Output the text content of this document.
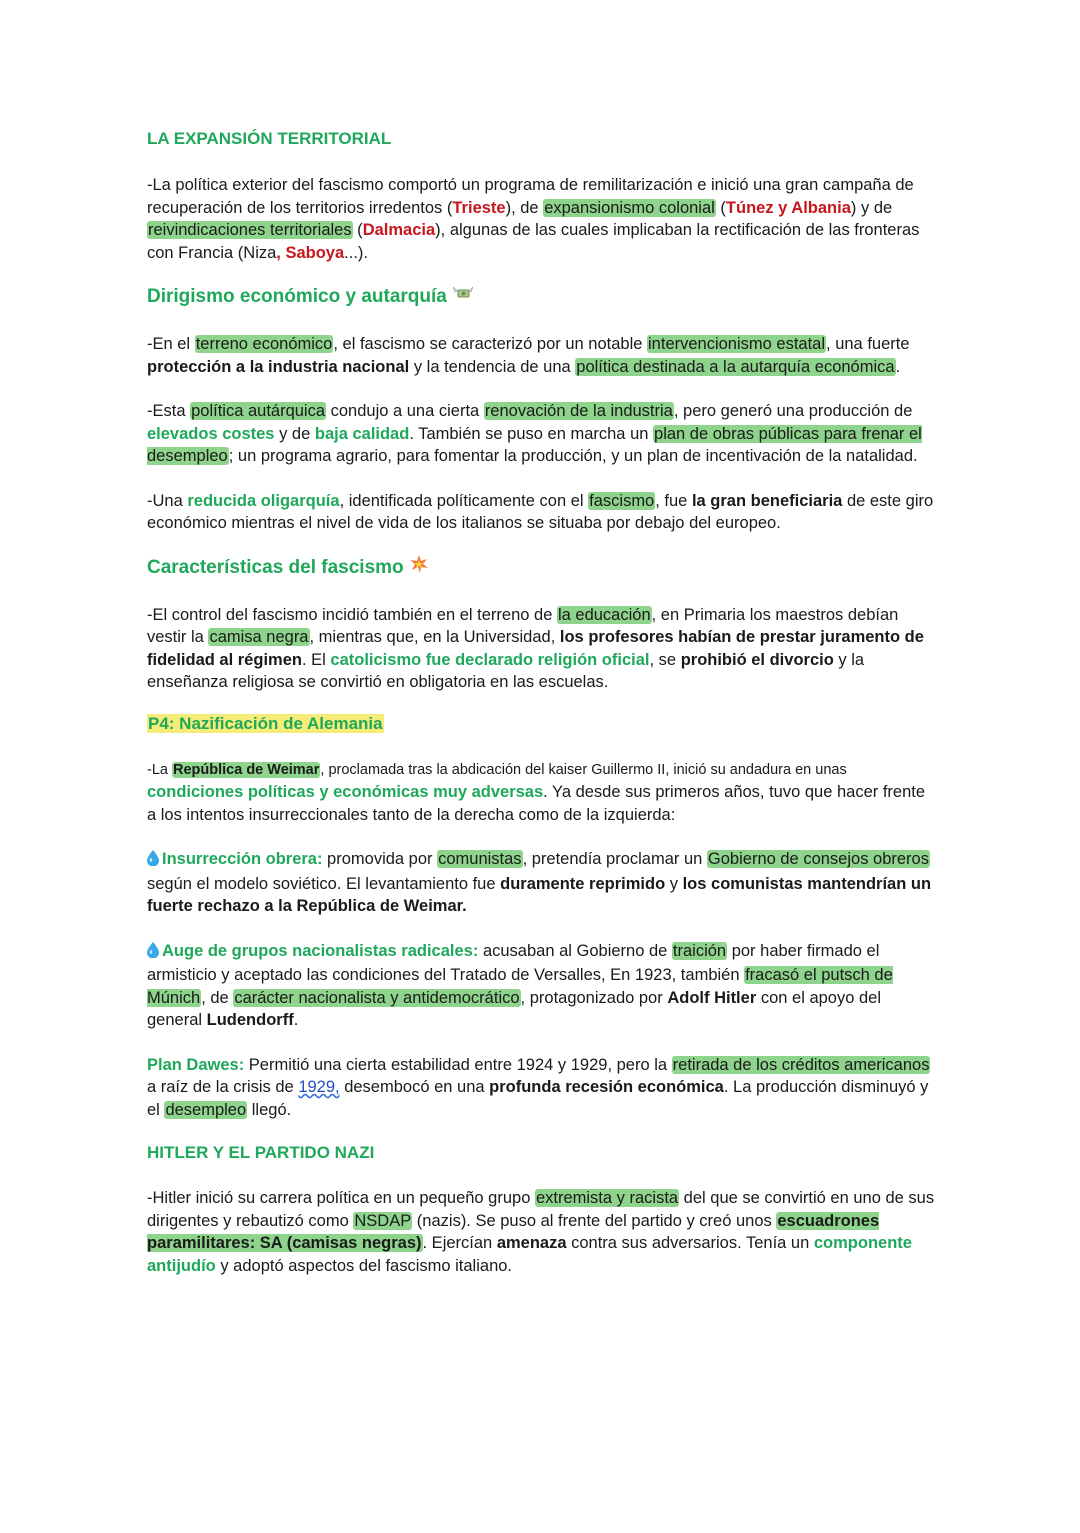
LA EXPANSIÓN TERRITORIAL

-La política exterior del fascismo comportó un programa de remilitarización e inició una gran campaña de recuperación de los territorios irredentos (Trieste), de expansionismo colonial (Túnez y Albania) y de reivindicaciones territoriales (Dalmacia), algunas de las cuales implicaban la rectificación de las fronteras con Francia (Niza, Saboya...).

Dirigismo económico y autarquía

-En el terreno económico, el fascismo se caracterizó por un notable intervencionismo estatal, una fuerte protección a la industria nacional y la tendencia de una política destinada a la autarquía económica.

-Esta política autárquica condujo a una cierta renovación de la industria, pero generó una producción de elevados costes y de baja calidad. También se puso en marcha un plan de obras públicas para frenar el desempleo; un programa agrario, para fomentar la producción, y un plan de incentivación de la natalidad.

-Una reducida oligarquía, identificada políticamente con el fascismo, fue la gran beneficiaria de este giro económico mientras el nivel de vida de los italianos se situaba por debajo del europeo.

Características del fascismo

-El control del fascismo incidió también en el terreno de la educación, en Primaria los maestros debían vestir la camisa negra, mientras que, en la Universidad, los profesores habían de prestar juramento de fidelidad al régimen. El catolicismo fue declarado religión oficial, se prohibió el divorcio y la enseñanza religiosa se convirtió en obligatoria en las escuelas.

P4: Nazificación de Alemania

-La República de Weimar, proclamada tras la abdicación del kaiser Guillermo II, inició su andadura en unas condiciones políticas y económicas muy adversas. Ya desde sus primeros años, tuvo que hacer frente a los intentos insurreccionales tanto de la derecha como de la izquierda:

Insurrección obrera: promovida por comunistas, pretendía proclamar un Gobierno de consejos obreros según el modelo soviético. El levantamiento fue duramente reprimido y los comunistas mantendrían un fuerte rechazo a la República de Weimar.

Auge de grupos nacionalistas radicales: acusaban al Gobierno de traición por haber firmado el armisticio y aceptado las condiciones del Tratado de Versalles, En 1923, también fracasó el putsch de Múnich, de carácter nacionalista y antidemocrático, protagonizado por Adolf Hitler con el apoyo del general Ludendorff.

Plan Dawes: Permitió una cierta estabilidad entre 1924 y 1929, pero la retirada de los créditos americanos a raíz de la crisis de 1929, desembocó en una profunda recesión económica. La producción disminuyó y el desempleo llegó.

HITLER Y EL PARTIDO NAZI

-Hitler inició su carrera política en un pequeño grupo extremista y racista del que se convirtió en uno de sus dirigentes y rebautizó como NSDAP (nazis). Se puso al frente del partido y creó unos escuadrones paramilitares: SA (camisas negras). Ejercían amenaza contra sus adversarios. Tenía un componente antijudío y adoptó aspectos del fascismo italiano.
